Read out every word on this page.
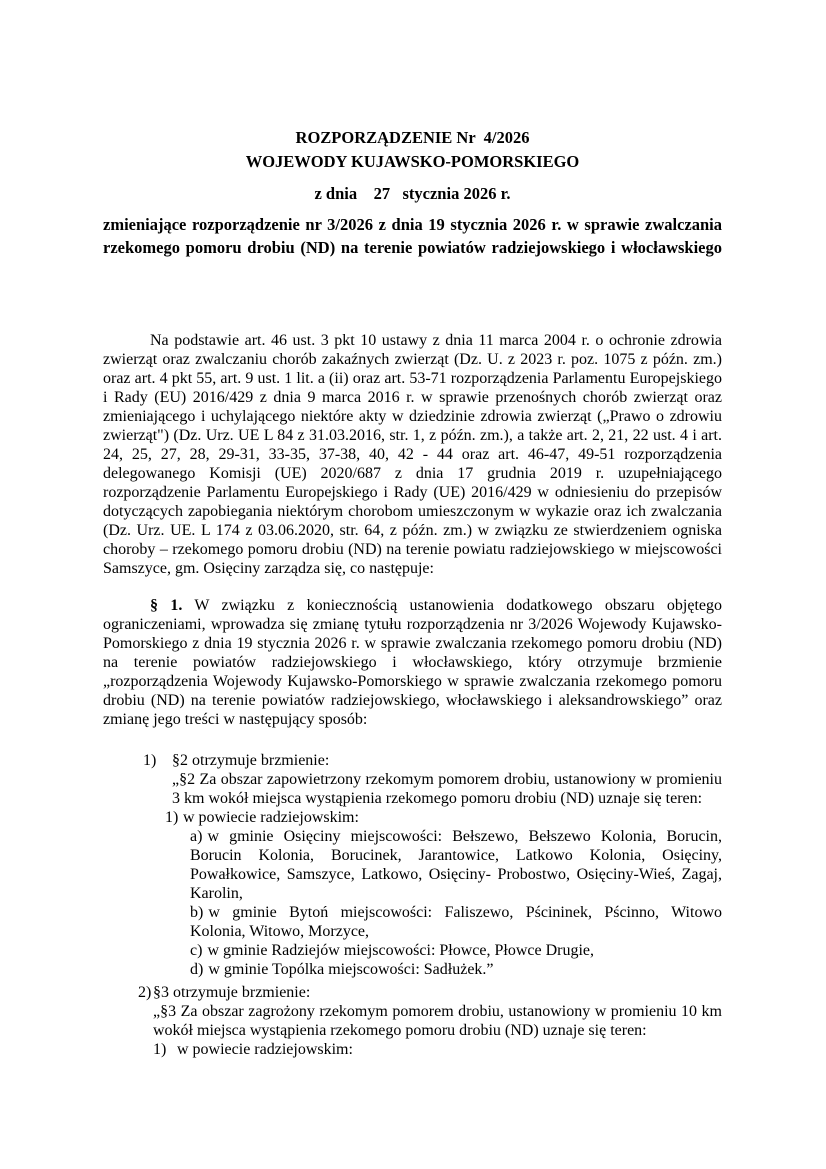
ROZPORZĄDZENIE Nr  4/2026
WOJEWODY KUJAWSKO-POMORSKIEGO
z dnia    27   stycznia 2026 r.
zmieniające rozporządzenie nr 3/2026 z dnia 19 stycznia 2026 r. w sprawie zwalczania rzekomego pomoru drobiu (ND) na terenie powiatów radziejowskiego i włocławskiego
Na podstawie art. 46 ust. 3 pkt 10 ustawy z dnia 11 marca 2004 r. o ochronie zdrowia zwierząt oraz zwalczaniu chorób zakaźnych zwierząt (Dz. U. z 2023 r. poz. 1075 z późn. zm.) oraz art. 4 pkt 55, art. 9 ust. 1 lit. a (ii) oraz art. 53-71 rozporządzenia Parlamentu Europejskiego i Rady (EU) 2016/429 z dnia 9 marca 2016 r. w sprawie przenośnych chorób zwierząt oraz zmieniającego i uchylającego niektóre akty w dziedzinie zdrowia zwierząt („Prawo o zdrowiu zwierząt") (Dz. Urz. UE L 84 z 31.03.2016, str. 1, z późn. zm.), a także art. 2, 21, 22 ust. 4 i art. 24, 25, 27, 28, 29-31, 33-35, 37-38, 40, 42 - 44 oraz art. 46-47, 49-51 rozporządzenia delegowanego Komisji (UE) 2020/687 z dnia 17 grudnia 2019 r. uzupełniającego rozporządzenie Parlamentu Europejskiego i Rady (UE) 2016/429 w odniesieniu do przepisów dotyczących zapobiegania niektórym chorobom umieszczonym w wykazie oraz ich zwalczania (Dz. Urz. UE. L 174 z 03.06.2020, str. 64, z późn. zm.) w związku ze stwierdzeniem ogniska choroby – rzekomego pomoru drobiu (ND) na terenie powiatu radziejowskiego w miejscowości Samszyce, gm. Osięciny zarządza się, co następuje:
§ 1. W związku z koniecznością ustanowienia dodatkowego obszaru objętego ograniczeniami, wprowadza się zmianę tytułu rozporządzenia nr 3/2026 Wojewody Kujawsko-Pomorskiego z dnia 19 stycznia 2026 r. w sprawie zwalczania rzekomego pomoru drobiu (ND) na terenie powiatów radziejowskiego i włocławskiego, który otrzymuje brzmienie „rozporządzenia Wojewody Kujawsko-Pomorskiego w sprawie zwalczania rzekomego pomoru drobiu (ND) na terenie powiatów radziejowskiego, włocławskiego i aleksandrowskiego” oraz zmianę jego treści w następujący sposób:
1) §2 otrzymuje brzmienie:
„§2 Za obszar zapowietrzony rzekomym pomorem drobiu, ustanowiony w promieniu 3 km wokół miejsca wystąpienia rzekomego pomoru drobiu (ND) uznaje się teren:
1) w powiecie radziejowskim:
a) w gminie Osięciny miejscowości: Bełszewo, Bełszewo Kolonia, Borucin, Borucin Kolonia, Borucinek, Jarantowice, Latkowo Kolonia, Osięciny, Powałkowice, Samszyce, Latkowo, Osięciny- Probostwo, Osięciny-Wieś, Zagaj, Karolin,
b) w gminie Bytoń miejscowości: Faliszewo, Pścininek, Pścinno, Witowo Kolonia, Witowo, Morzyce,
c) w gminie Radziejów miejscowości: Płowce, Płowce Drugie,
d) w gminie Topólka miejscowości: Sadłużek.”
2) §3 otrzymuje brzmienie:
„§3 Za obszar zagrożony rzekomym pomorem drobiu, ustanowiony w promieniu 10 km wokół miejsca wystąpienia rzekomego pomoru drobiu (ND) uznaje się teren:
1) w powiecie radziejowskim:
